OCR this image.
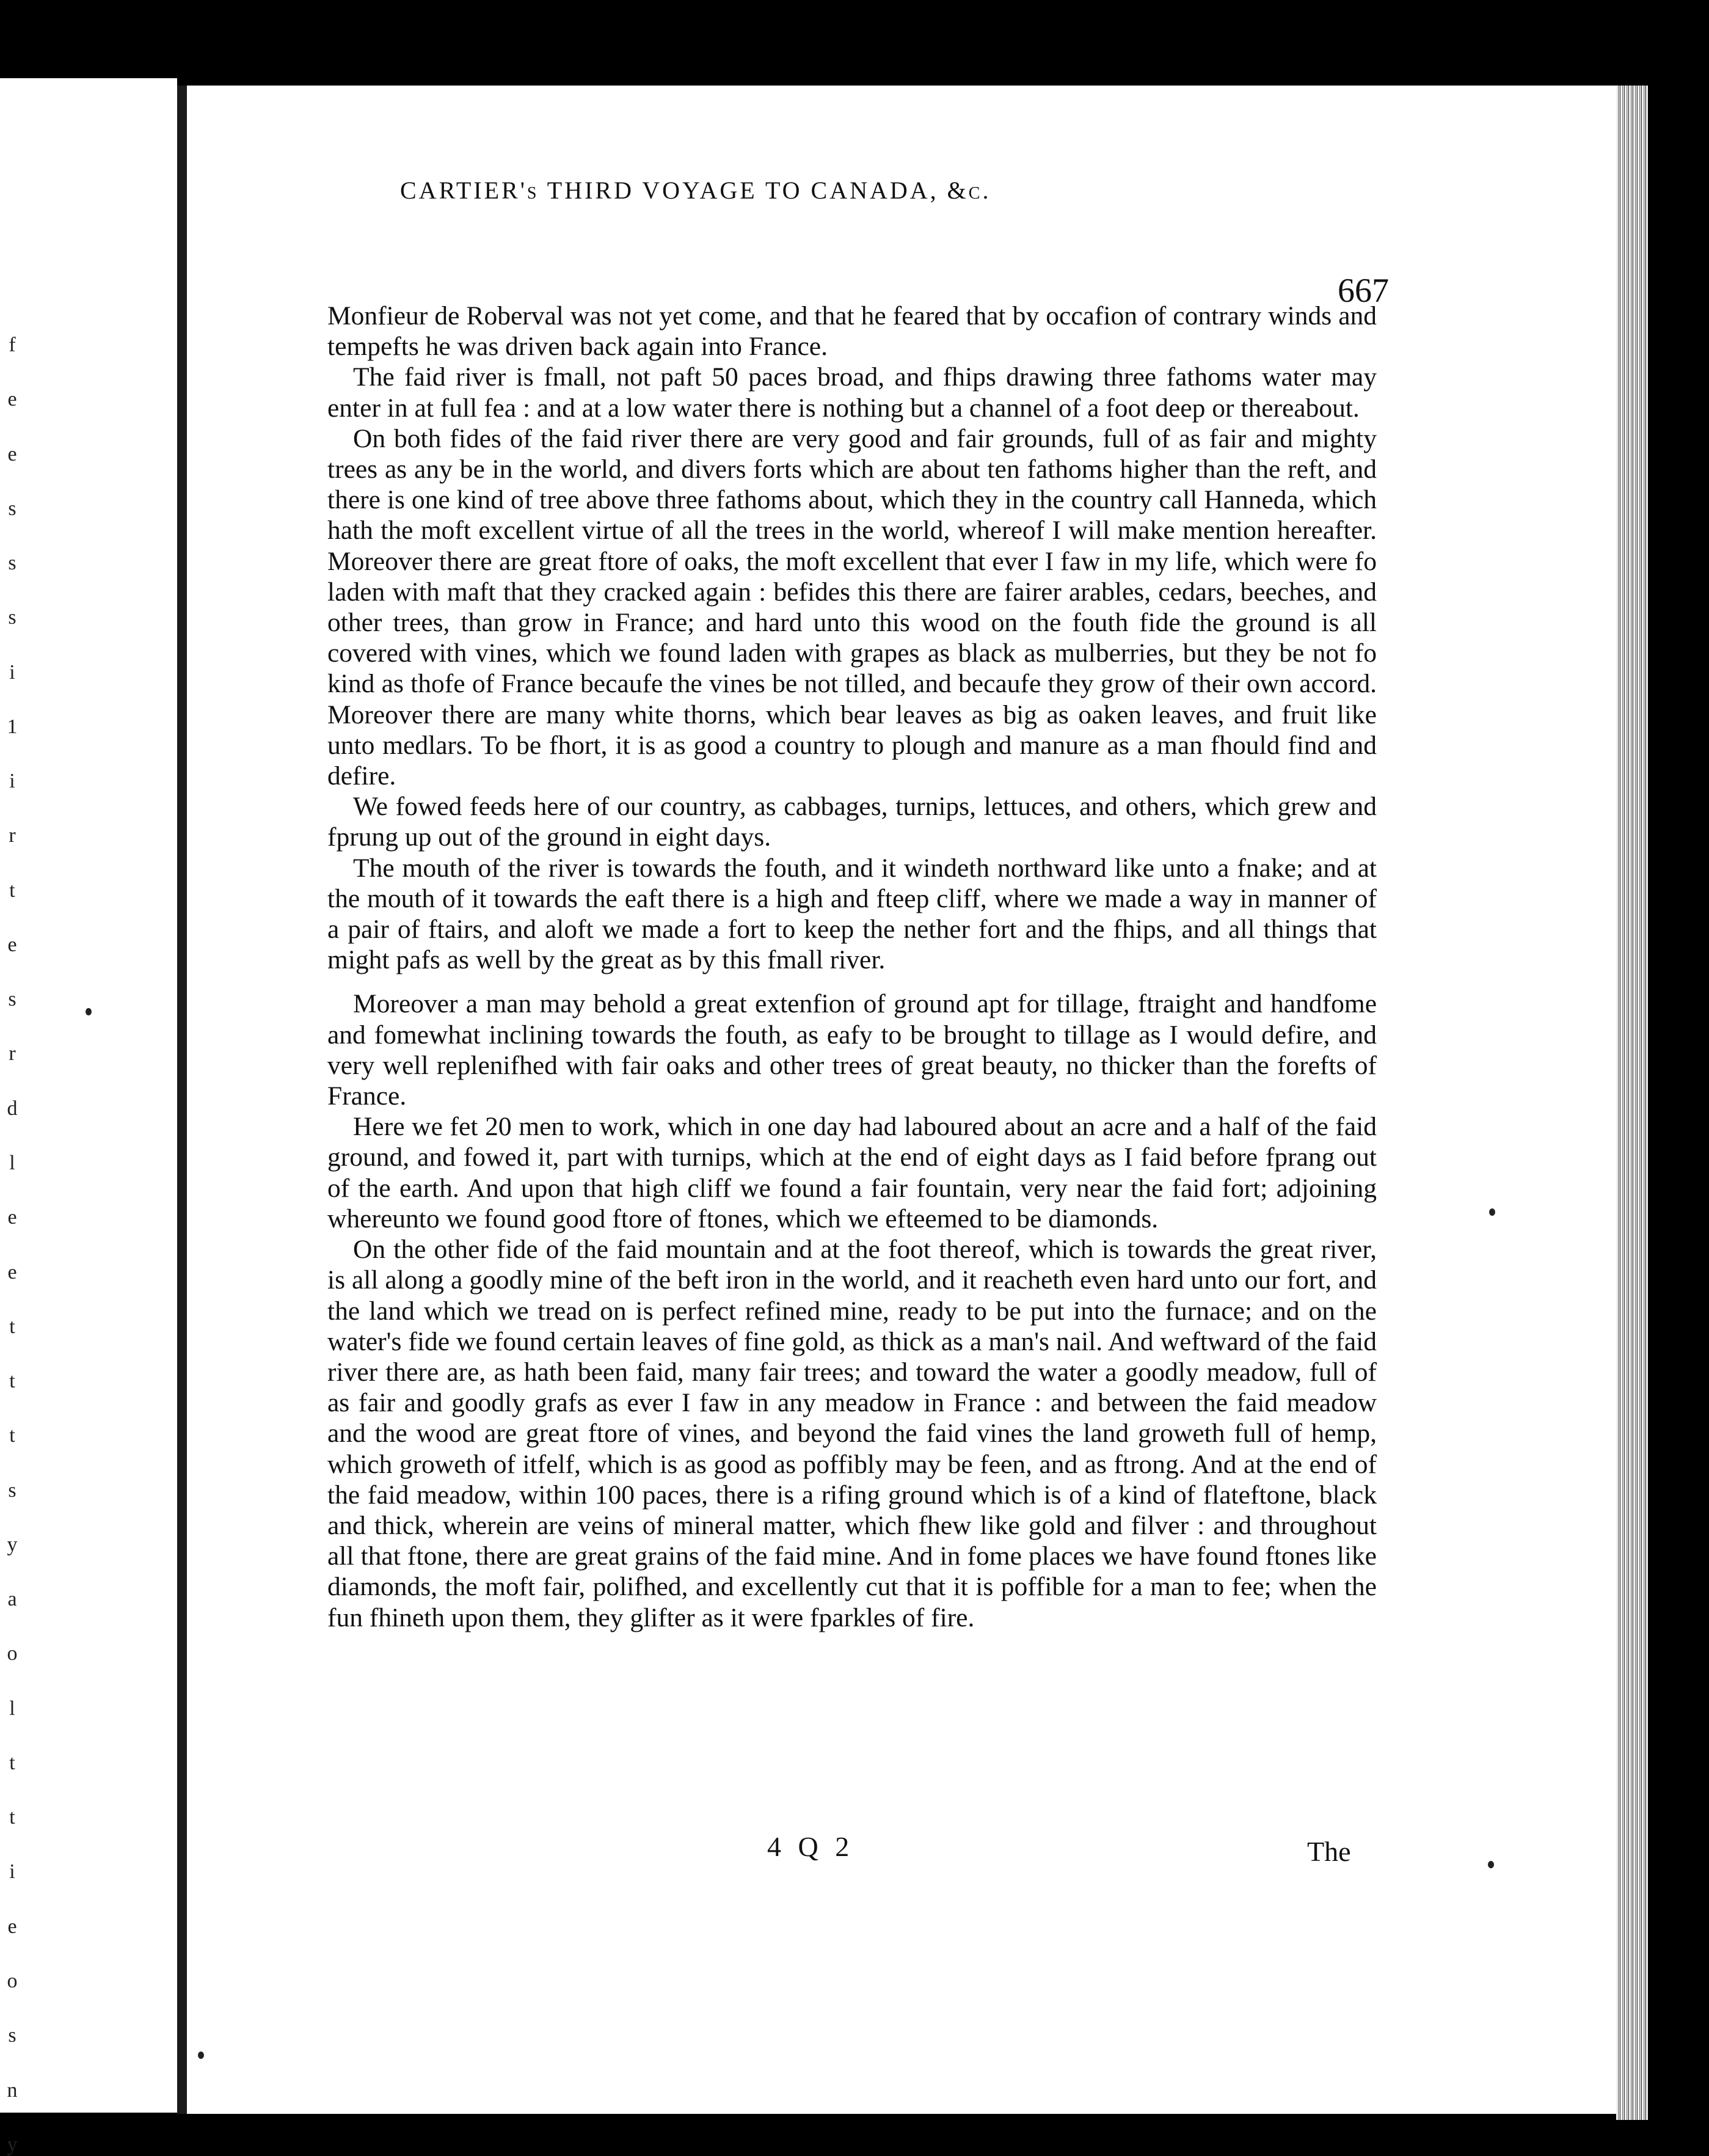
f
e
e
s
s
s
i
1
i
r
t
e
s
r
d
l
e
e
t
t
t
s
y
a
o
l
t
t
i
e
o
s
n
y
CARTIER's THIRD VOYAGE TO CANADA, &c.
667

Monfieur de Roberval was not yet come, and that he feared that by occafion of contrary winds and tempefts he was driven back again into France.

The faid river is fmall, not paft 50 paces broad, and fhips drawing three fathoms water may enter in at full fea : and at a low water there is nothing but a channel of a foot deep or thereabout.

On both fides of the faid river there are very good and fair grounds, full of as fair and mighty trees as any be in the world, and divers forts which are about ten fathoms higher than the reft, and there is one kind of tree above three fathoms about, which they in the country call Hanneda, which hath the moft excellent virtue of all the trees in the world, whereof I will make mention hereafter. Moreover there are great ftore of oaks, the moft excellent that ever I faw in my life, which were fo laden with maft that they cracked again : befides this there are fairer arables, cedars, beeches, and other trees, than grow in France; and hard unto this wood on the fouth fide the ground is all covered with vines, which we found laden with grapes as black as mulberries, but they be not fo kind as thofe of France becaufe the vines be not tilled, and becaufe they grow of their own accord. Moreover there are many white thorns, which bear leaves as big as oaken leaves, and fruit like unto medlars. To be fhort, it is as good a country to plough and manure as a man fhould find and defire.

We fowed feeds here of our country, as cabbages, turnips, lettuces, and others, which grew and fprung up out of the ground in eight days.

The mouth of the river is towards the fouth, and it windeth northward like unto a fnake; and at the mouth of it towards the eaft there is a high and fteep cliff, where we made a way in manner of a pair of ftairs, and aloft we made a fort to keep the nether fort and the fhips, and all things that might pafs as well by the great as by this fmall river.

Moreover a man may behold a great extenfion of ground apt for tillage, ftraight and handfome and fomewhat inclining towards the fouth, as eafy to be brought to tillage as I would defire, and very well replenifhed with fair oaks and other trees of great beauty, no thicker than the forefts of France.

Here we fet 20 men to work, which in one day had laboured about an acre and a half of the faid ground, and fowed it, part with turnips, which at the end of eight days as I faid before fprang out of the earth. And upon that high cliff we found a fair fountain, very near the faid fort; adjoining whereunto we found good ftore of ftones, which we efteemed to be diamonds.

On the other fide of the faid mountain and at the foot thereof, which is towards the great river, is all along a goodly mine of the beft iron in the world, and it reacheth even hard unto our fort, and the land which we tread on is perfect refined mine, ready to be put into the furnace; and on the water's fide we found certain leaves of fine gold, as thick as a man's nail. And weftward of the faid river there are, as hath been faid, many fair trees; and toward the water a goodly meadow, full of as fair and goodly grafs as ever I faw in any meadow in France : and between the faid meadow and the wood are great ftore of vines, and beyond the faid vines the land groweth full of hemp, which groweth of itfelf, which is as good as poffibly may be feen, and as ftrong. And at the end of the faid meadow, within 100 paces, there is a rifing ground which is of a kind of flateftone, black and thick, wherein are veins of mineral matter, which fhew like gold and filver : and throughout all that ftone, there are great grains of the faid mine. And in fome places we have found ftones like diamonds, the moft fair, polifhed, and excellently cut that it is poffible for a man to fee; when the fun fhineth upon them, they glifter as it were fparkles of fire.

4 Q 2	The
